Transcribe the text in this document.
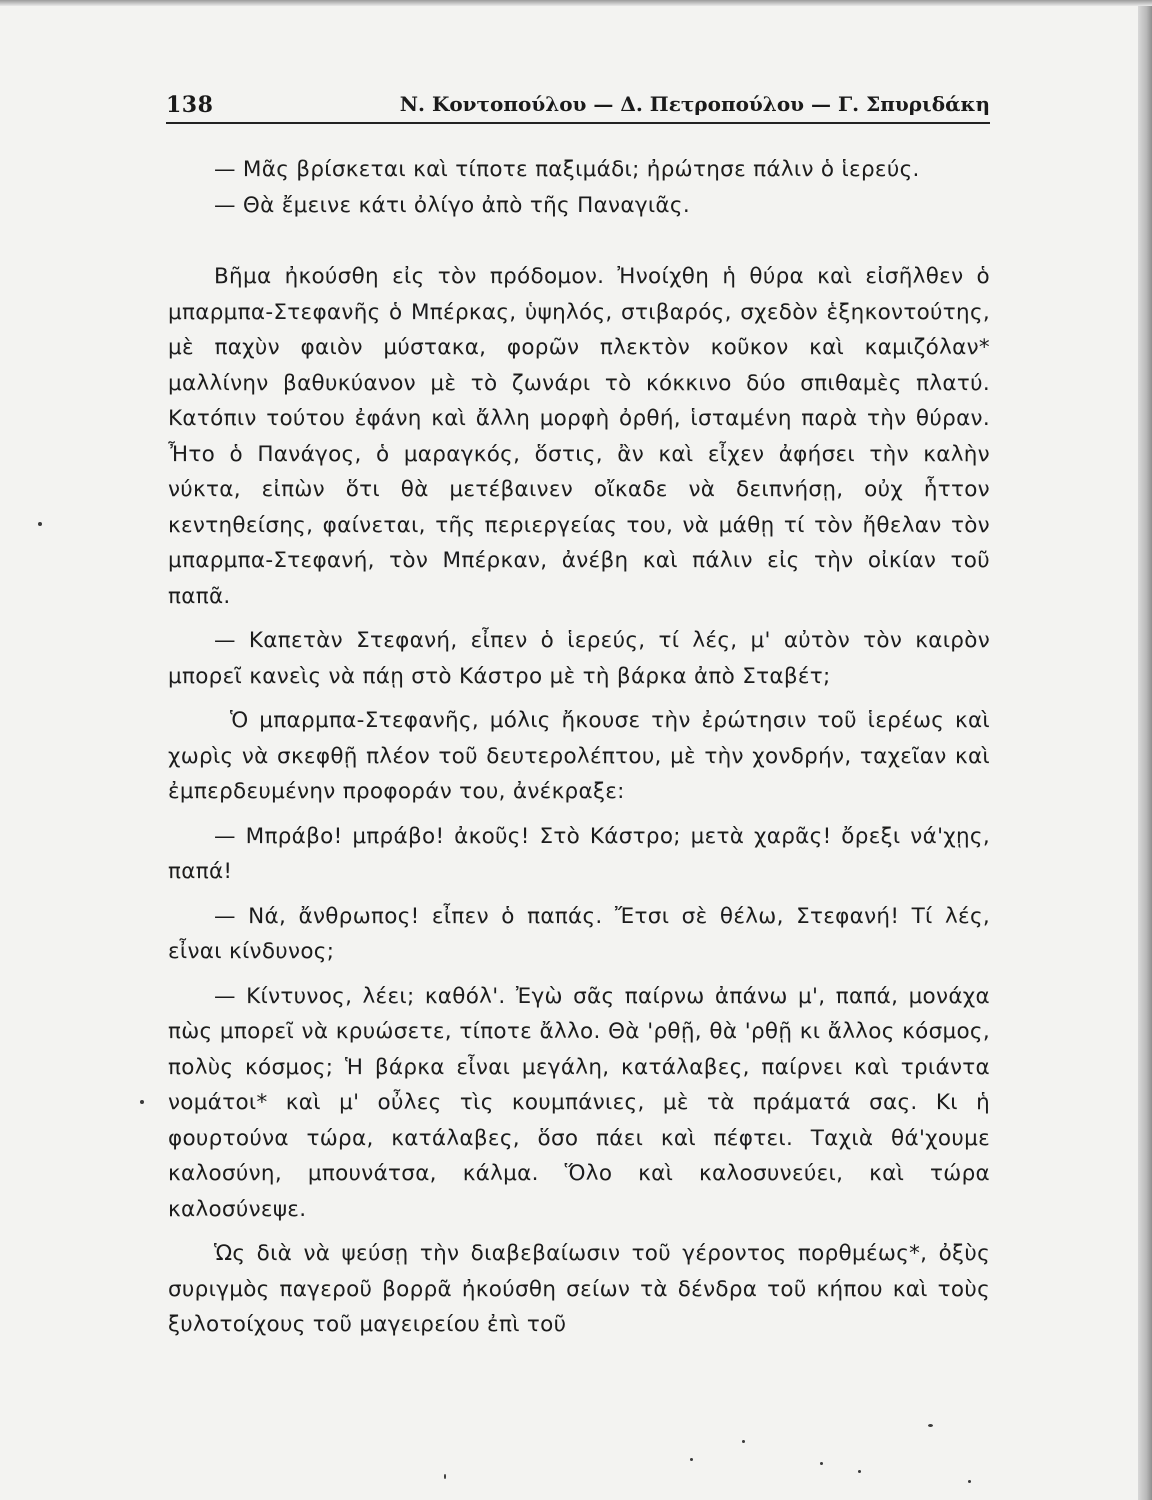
138	Ν. Κοντοπούλου — Δ. Πετροπούλου — Γ. Σπυριδάκη

— Μᾶς βρίσκεται καὶ τίποτε παξιμάδι; ἠρώτησε πάλιν ὁ ἱερεύς.

— Θὰ ἔμεινε κάτι ὀλίγο ἀπὸ τῆς Παναγιᾶς.

Βῆμα ἠκούσθη εἰς τὸν πρόδομον. Ἠνοίχθη ἡ θύρα καὶ εἰσῆλθεν ὁ μπαρμπα-Στεφανῆς ὁ Μπέρκας, ὑψηλός, στιβαρός, σχεδὸν ἑξηκοντούτης, μὲ παχὺν φαιὸν μύστακα, φορῶν πλεκτὸν κοῦκον καὶ καμιζόλαν* μαλλίνην βαθυκύανον μὲ τὸ ζωνάρι τὸ κόκκινο δύο σπιθαμὲς πλατύ. Κατόπιν τούτου ἐφάνη καὶ ἄλλη μορφὴ ὀρθή, ἱσταμένη παρὰ τὴν θύραν. Ἦτο ὁ Πανάγος, ὁ μαραγκός, ὅστις, ἂν καὶ εἶχεν ἀφήσει τὴν καλὴν νύκτα, εἰπὼν ὅτι θὰ μετέβαινεν οἴκαδε νὰ δειπνήσῃ, οὐχ ἧττον κεντηθείσης, φαίνεται, τῆς περιεργείας του, νὰ μάθῃ τί τὸν ἤθελαν τὸν μπαρμπα-Στεφανή, τὸν Μπέρκαν, ἀνέβη καὶ πάλιν εἰς τὴν οἰκίαν τοῦ παπᾶ.

— Καπετὰν Στεφανή, εἶπεν ὁ ἱερεύς, τί λές, μ' αὐτὸν τὸν καιρὸν μπορεῖ κανεὶς νὰ πάῃ στὸ Κάστρο μὲ τὴ βάρκα ἀπὸ Σταβέτ;

Ὁ μπαρμπα-Στεφανῆς, μόλις ἤκουσε τὴν ἐρώτησιν τοῦ ἱερέως καὶ χωρὶς νὰ σκεφθῇ πλέον τοῦ δευτερολέπτου, μὲ τὴν χονδρήν, ταχεῖαν καὶ ἐμπερδευμένην προφοράν του, ἀνέκραξε:

— Μπράβο! μπράβο! ἀκοῦς! Στὸ Κάστρο; μετὰ χαρᾶς! ὄρεξι νά'χῃς, παπά!

— Νά, ἄνθρωπος! εἶπεν ὁ παπάς. Ἔτσι σὲ θέλω, Στεφανή! Τί λές, εἶναι κίνδυνος;

— Κίντυνος, λέει; καθόλ'. Ἐγὼ σᾶς παίρνω ἀπάνω μ', παπά, μονάχα πὼς μπορεῖ νὰ κρυώσετε, τίποτε ἄλλο. Θὰ 'ρθῇ, θὰ 'ρθῇ κι ἄλλος κόσμος, πολὺς κόσμος; Ἡ βάρκα εἶναι μεγάλη, κατάλαβες, παίρνει καὶ τριάντα νομάτοι* καὶ μ' οὖλες τὶς κουμπάνιες, μὲ τὰ πράματά σας. Κι ἡ φουρτούνα τώρα, κατάλαβες, ὅσο πάει καὶ πέφτει. Ταχιὰ θά'χουμε καλοσύνη, μπουνάτσα, κάλμα. Ὅλο καὶ καλοσυνεύει, καὶ τώρα καλοσύνεψε.

Ὡς διὰ νὰ ψεύσῃ τὴν διαβεβαίωσιν τοῦ γέροντος πορθμέως*, ὀξὺς συριγμὸς παγεροῦ βορρᾶ ἠκούσθη σείων τὰ δένδρα τοῦ κήπου καὶ τοὺς ξυλοτοίχους τοῦ μαγειρείου ἐπὶ τοῦ
